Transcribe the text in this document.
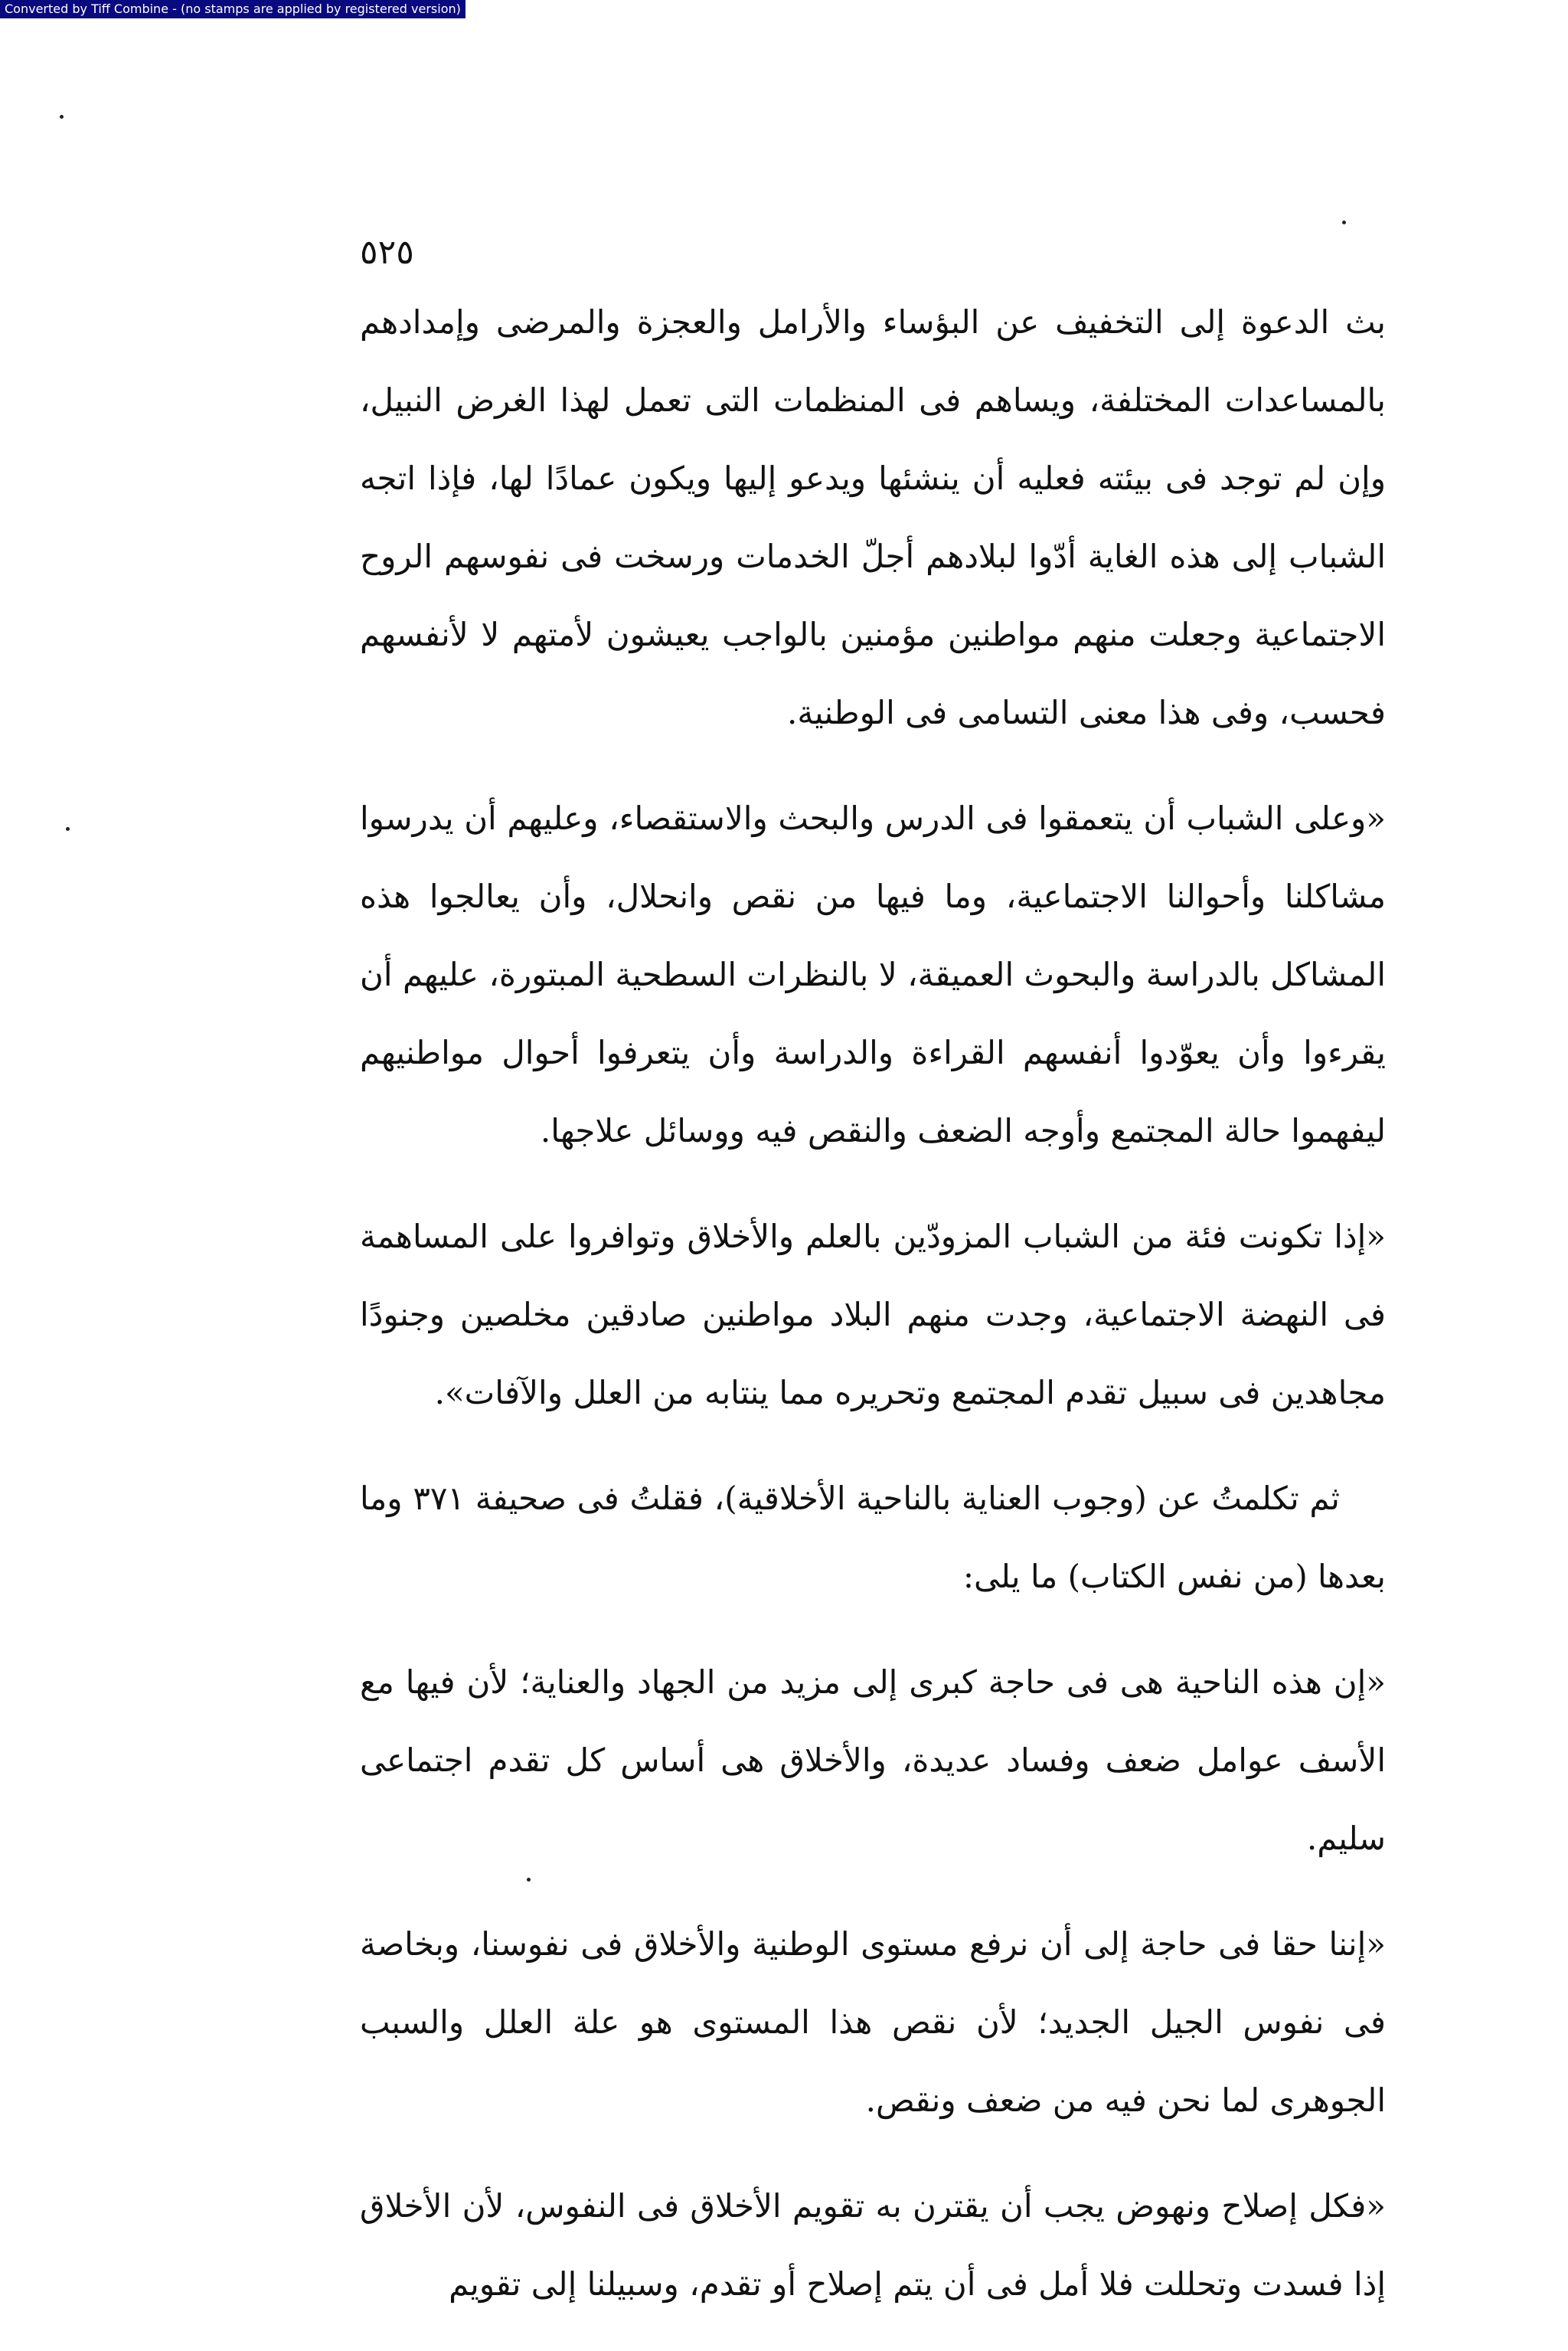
Converted by Tiff Combine - (no stamps are applied by registered version)
٥٢٥

بث الدعوة إلى التخفيف عن البؤساء والأرامل والعجزة والمرضى وإمدادهم بالمساعدات المختلفة، ويساهم فى المنظمات التى تعمل لهذا الغرض النبيل، وإن لم توجد فى بيئته فعليه أن ينشئها ويدعو إليها ويكون عمادًا لها، فإذا اتجه الشباب إلى هذه الغاية أدّوا لبلادهم أجلّ الخدمات ورسخت فى نفوسهم الروح الاجتماعية وجعلت منهم مواطنين مؤمنين بالواجب يعيشون لأمتهم لا لأنفسهم فحسب، وفى هذا معنى التسامى فى الوطنية.

«وعلى الشباب أن يتعمقوا فى الدرس والبحث والاستقصاء، وعليهم أن يدرسوا مشاكلنا وأحوالنا الاجتماعية، وما فيها من نقص وانحلال، وأن يعالجوا هذه المشاكل بالدراسة والبحوث العميقة، لا بالنظرات السطحية المبتورة، عليهم أن يقرءوا وأن يعوّدوا أنفسهم القراءة والدراسة وأن يتعرفوا أحوال مواطنيهم ليفهموا حالة المجتمع وأوجه الضعف والنقص فيه ووسائل علاجها.

«إذا تكونت فئة من الشباب المزودّين بالعلم والأخلاق وتوافروا على المساهمة فى النهضة الاجتماعية، وجدت منهم البلاد مواطنين صادقين مخلصين وجنودًا مجاهدين فى سبيل تقدم المجتمع وتحريره مما ينتابه من العلل والآفات».

ثم تكلمتُ عن (وجوب العناية بالناحية الأخلاقية)، فقلتُ فى صحيفة ٣٧١ وما بعدها (من نفس الكتاب) ما يلى:

«إن هذه الناحية هى فى حاجة كبرى إلى مزيد من الجهاد والعناية؛ لأن فيها مع الأسف عوامل ضعف وفساد عديدة، والأخلاق هى أساس كل تقدم اجتماعى سليم.

«إننا حقا فى حاجة إلى أن نرفع مستوى الوطنية والأخلاق فى نفوسنا، وبخاصة فى نفوس الجيل الجديد؛ لأن نقص هذا المستوى هو علة العلل والسبب الجوهرى لما نحن فيه من ضعف ونقص.

«فكل إصلاح ونهوض يجب أن يقترن به تقويم الأخلاق فى النفوس، لأن الأخلاق إذا فسدت وتحللت فلا أمل فى أن يتم إصلاح أو تقدم، وسبيلنا إلى تقويم
